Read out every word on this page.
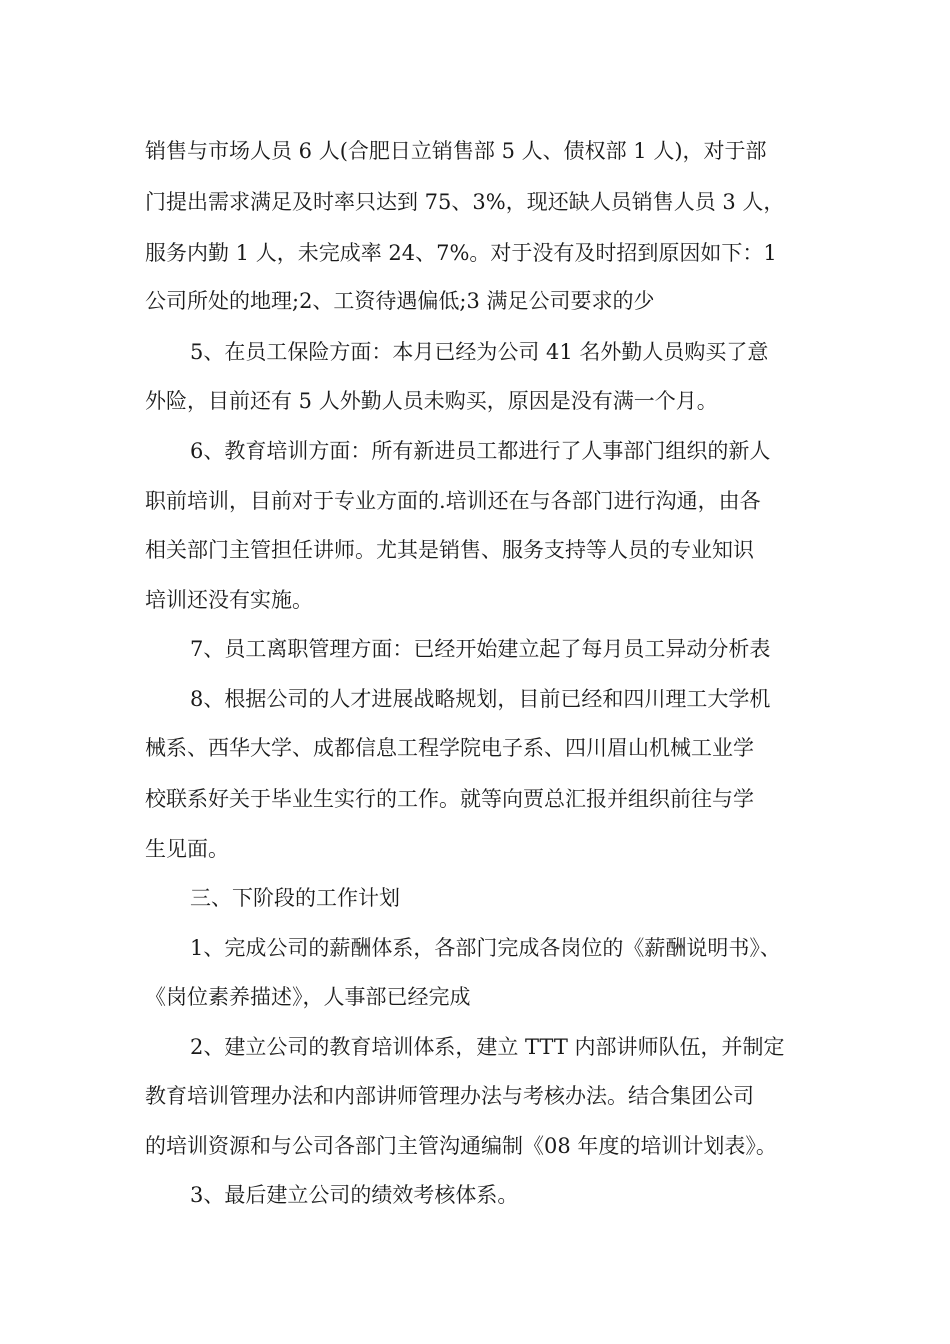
销售与市场人员 6 人(合肥日立销售部 5 人、债权部 1 人)，对于部
门提出需求满足及时率只达到 75、3%，现还缺人员销售人员 3 人，
服务内勤 1 人，未完成率 24、7%。对于没有及时招到原因如下：1
公司所处的地理;2、工资待遇偏低;3 满足公司要求的少
5、在员工保险方面：本月已经为公司 41 名外勤人员购买了意
外险，目前还有 5 人外勤人员未购买，原因是没有满一个月。
6、教育培训方面：所有新进员工都进行了人事部门组织的新人
职前培训，目前对于专业方面的.培训还在与各部门进行沟通，由各
相关部门主管担任讲师。尤其是销售、服务支持等人员的专业知识
培训还没有实施。
7、员工离职管理方面：已经开始建立起了每月员工异动分析表
8、根据公司的人才进展战略规划，目前已经和四川理工大学机
械系、西华大学、成都信息工程学院电子系、四川眉山机械工业学
校联系好关于毕业生实行的工作。就等向贾总汇报并组织前往与学
生见面。
三、下阶段的工作计划
1、完成公司的薪酬体系，各部门完成各岗位的《薪酬说明书》、
《岗位素养描述》，人事部已经完成
2、建立公司的教育培训体系，建立 TTT 内部讲师队伍，并制定
教育培训管理办法和内部讲师管理办法与考核办法。结合集团公司
的培训资源和与公司各部门主管沟通编制《08 年度的培训计划表》。
3、最后建立公司的绩效考核体系。
